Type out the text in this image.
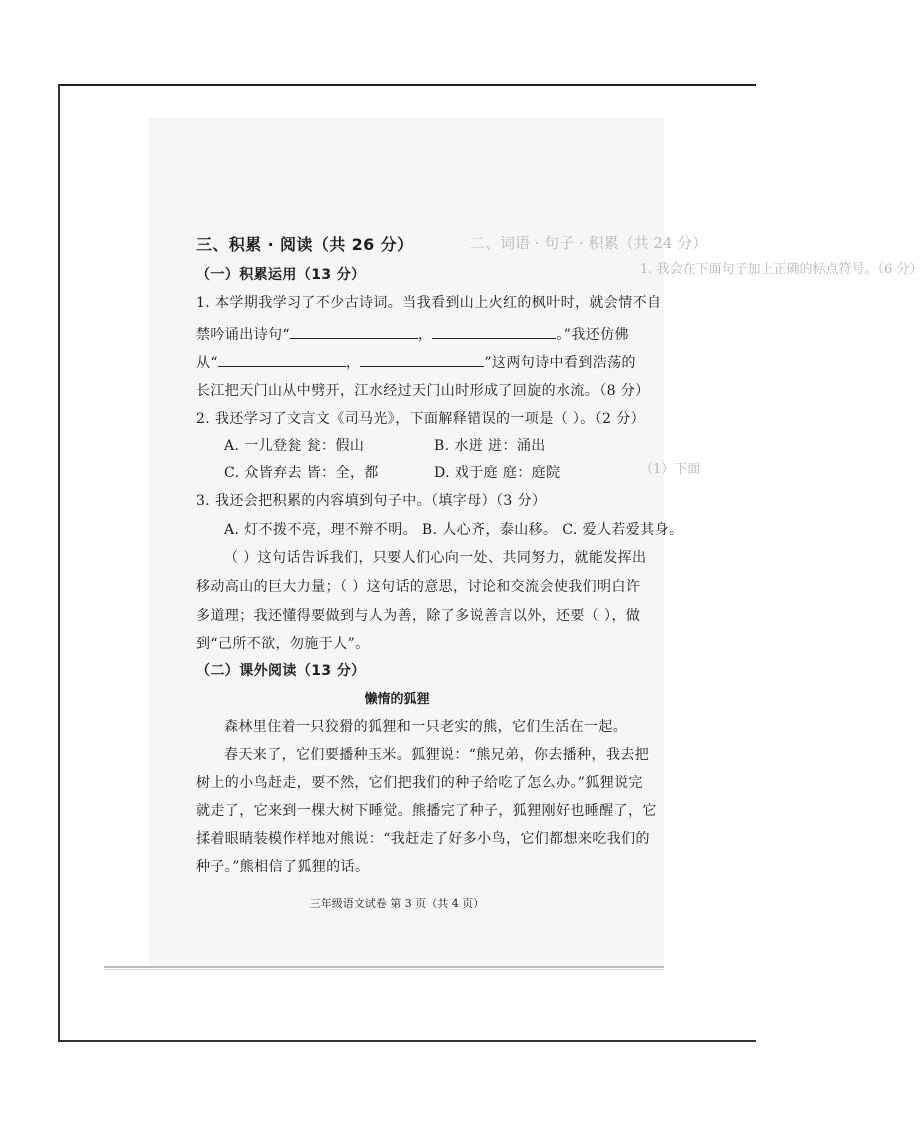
二、词语 · 句子 · 积累（共 24 分）
1. 我会在下面句子加上正确的标点符号。（6 分）
（1）下面
三、积累 · 阅读（共 26 分）
（一）积累运用（13 分）
1. 本学期我学习了不少古诗词。当我看到山上火红的枫叶时，就会情不自
禁吟诵出诗句“	，	。”我还仿佛
从“	，	”这两句诗中看到浩荡的
长江把天门山从中劈开，江水经过天门山时形成了回旋的水流。（8 分）
2. 我还学习了文言文《司马光》，下面解释错误的一项是（ ）。（2 分）
A. 一儿登瓮 瓮：假山	B. 水迸 迸：涌出
C. 众皆弃去 皆：全，都	D. 戏于庭 庭：庭院
3. 我还会把积累的内容填到句子中。（填字母）（3 分）
A. 灯不拨不亮，理不辩不明。 B. 人心齐，泰山移。 C. 爱人若爱其身。
（ ）这句话告诉我们，只要人们心向一处、共同努力，就能发挥出
移动高山的巨大力量；（ ）这句话的意思，讨论和交流会使我们明白许
多道理；我还懂得要做到与人为善，除了多说善言以外，还要（ ），做
到“己所不欲，勿施于人”。
（二）课外阅读（13 分）
懒惰的狐狸
森林里住着一只狡猾的狐狸和一只老实的熊，它们生活在一起。
春天来了，它们要播种玉米。狐狸说：“熊兄弟，你去播种，我去把
树上的小鸟赶走，要不然，它们把我们的种子给吃了怎么办。”狐狸说完
就走了，它来到一棵大树下睡觉。熊播完了种子，狐狸刚好也睡醒了，它
揉着眼睛装模作样地对熊说：“我赶走了好多小鸟，它们都想来吃我们的
种子。”熊相信了狐狸的话。
三年级语文试卷 第 3 页（共 4 页）
